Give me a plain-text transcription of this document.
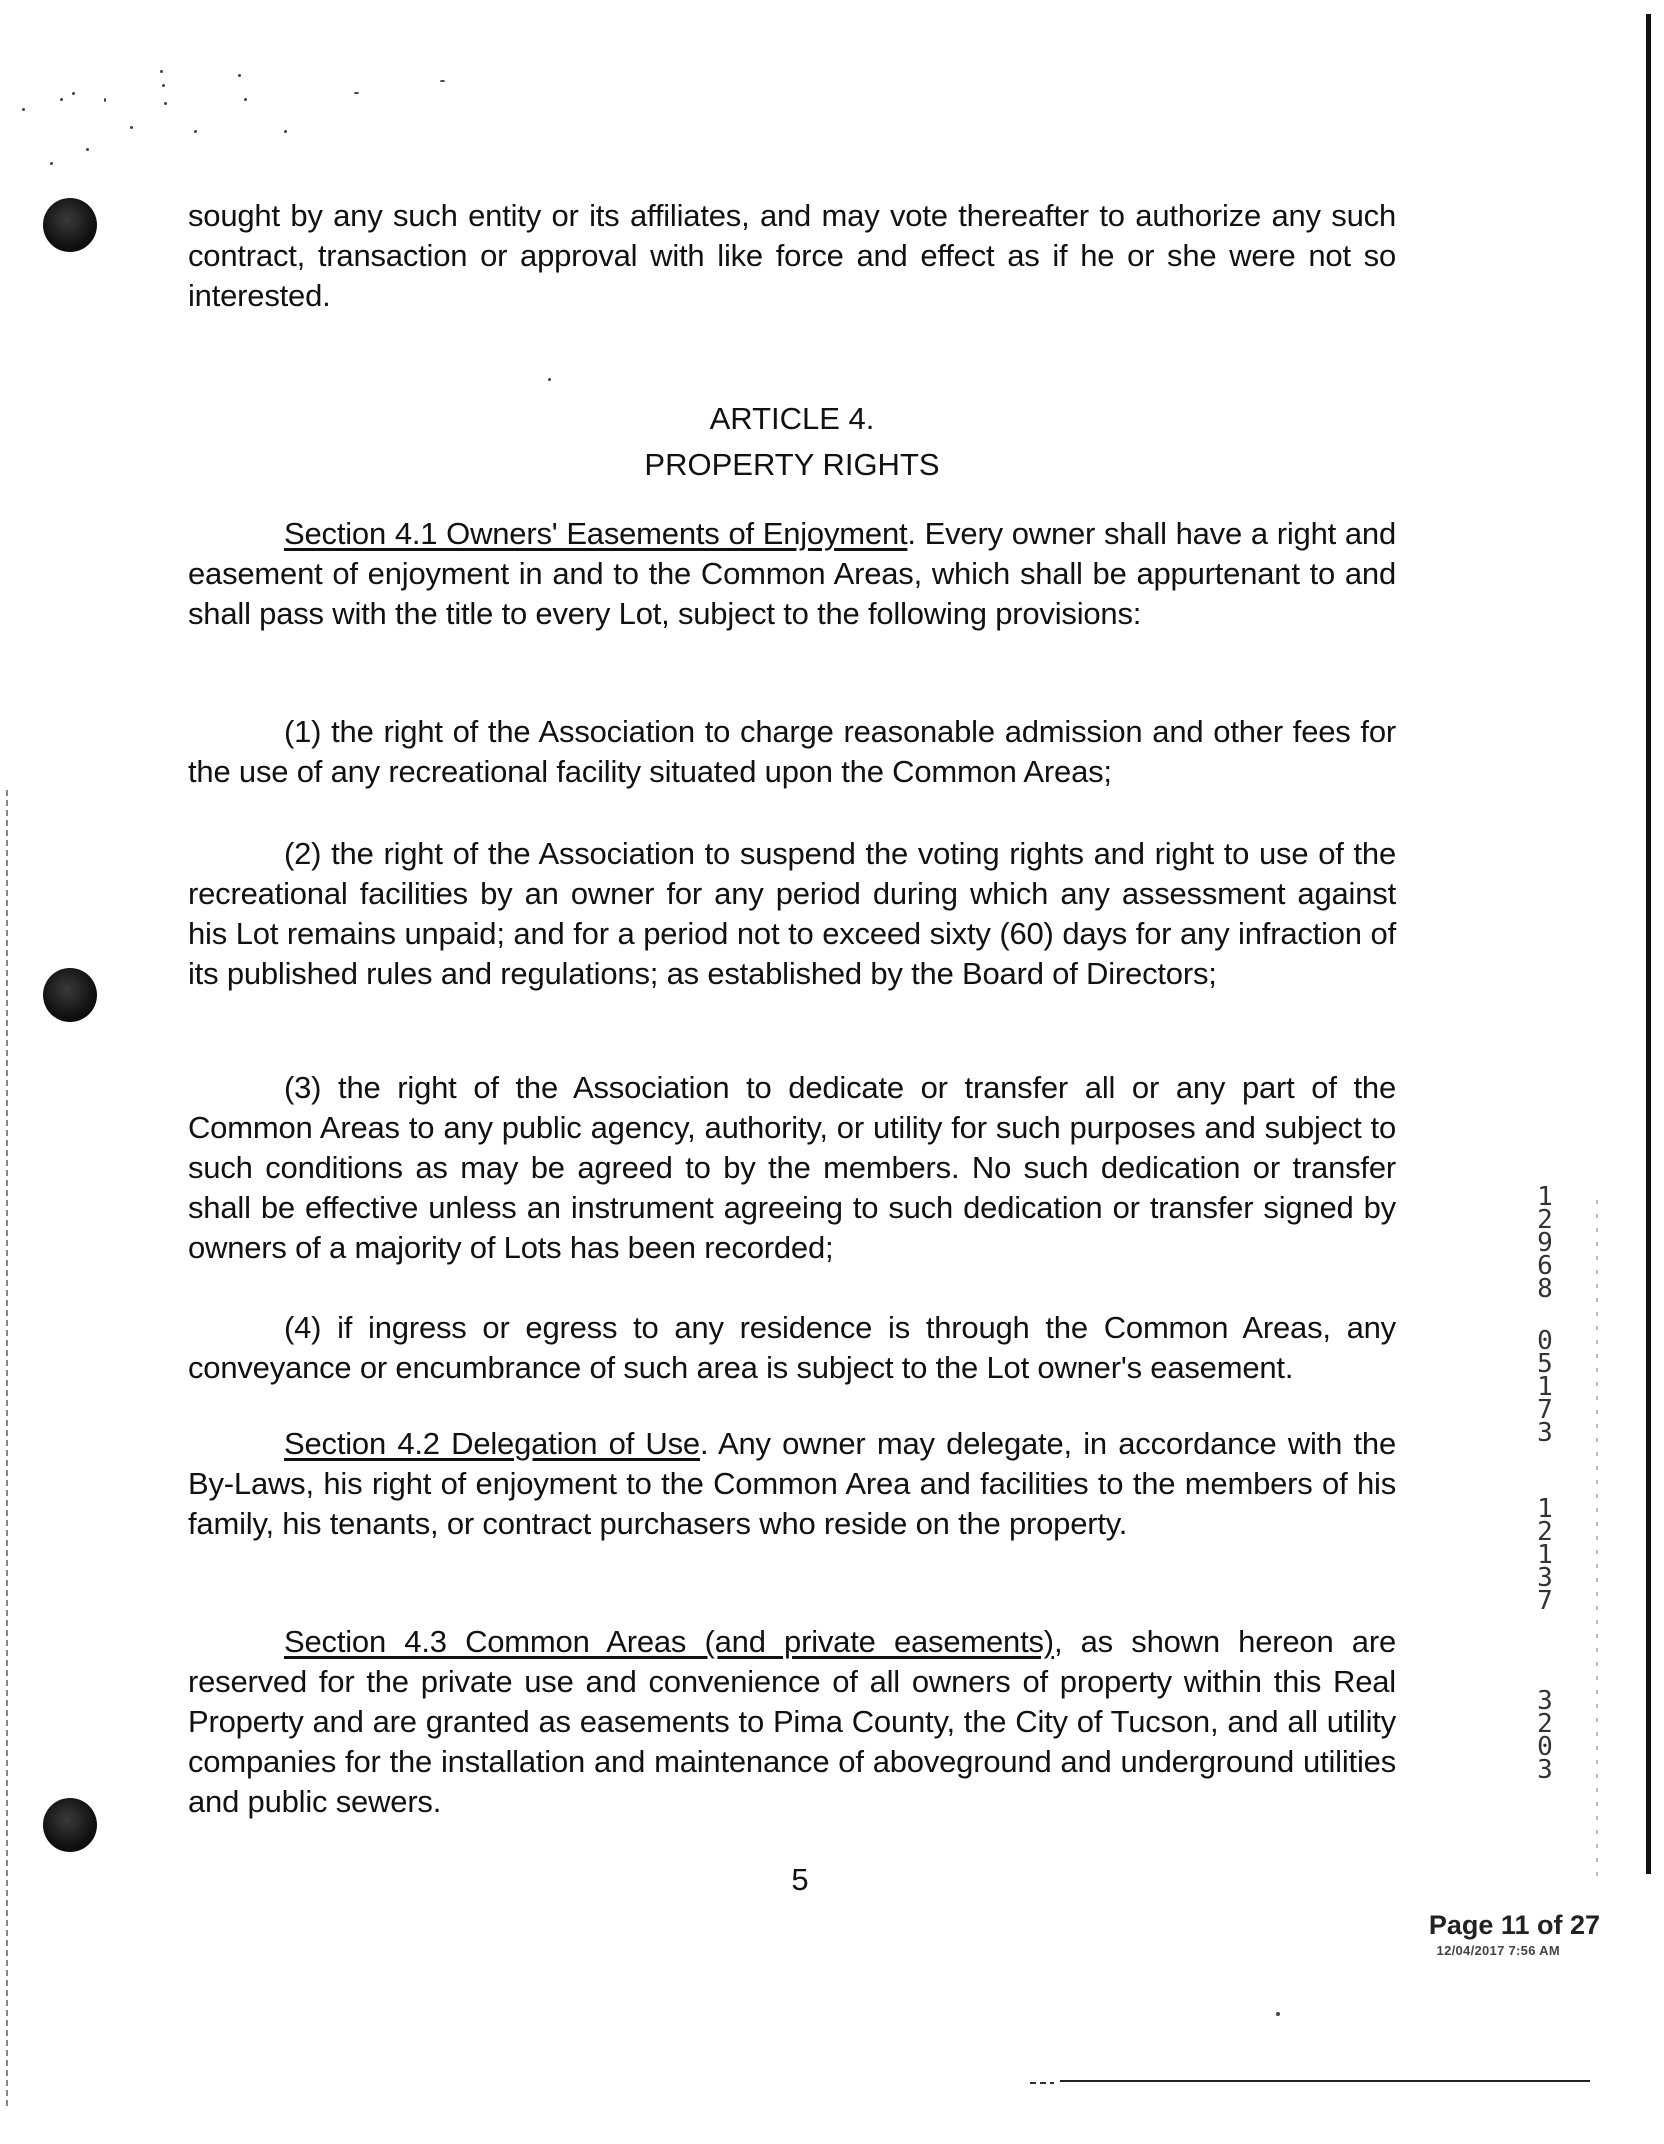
sought by any such entity or its affiliates, and may vote thereafter to authorize any such contract, transaction or approval with like force and effect as if he or she were not so interested.

ARTICLE 4.
PROPERTY RIGHTS

Section 4.1 Owners' Easements of Enjoyment. Every owner shall have a right and easement of enjoyment in and to the Common Areas, which shall be appurtenant to and shall pass with the title to every Lot, subject to the following provisions:

(1) the right of the Association to charge reasonable admission and other fees for the use of any recreational facility situated upon the Common Areas;

(2) the right of the Association to suspend the voting rights and right to use of the recreational facilities by an owner for any period during which any assessment against his Lot remains unpaid; and for a period not to exceed sixty (60) days for any infraction of its published rules and regulations; as established by the Board of Directors;

(3) the right of the Association to dedicate or transfer all or any part of the Common Areas to any public agency, authority, or utility for such purposes and subject to such conditions as may be agreed to by the members. No such dedication or transfer shall be effective unless an instrument agreeing to such dedication or transfer signed by owners of a majority of Lots has been recorded;

(4) if ingress or egress to any residence is through the Common Areas, any conveyance or encumbrance of such area is subject to the Lot owner's easement.

Section 4.2 Delegation of Use. Any owner may delegate, in accordance with the By-Laws, his right of enjoyment to the Common Area and facilities to the members of his family, his tenants, or contract purchasers who reside on the property.

Section 4.3 Common Areas (and private easements), as shown hereon are reserved for the private use and convenience of all owners of property within this Real Property and are granted as easements to Pima County, the City of Tucson, and all utility companies for the installation and maintenance of aboveground and underground utilities and public sewers.

5
Page 11 of 27
12/04/2017 7:56 AM
1
2
9
6
8
0
5
1
7
3
1
2
1
3
7
3
2
0
3
